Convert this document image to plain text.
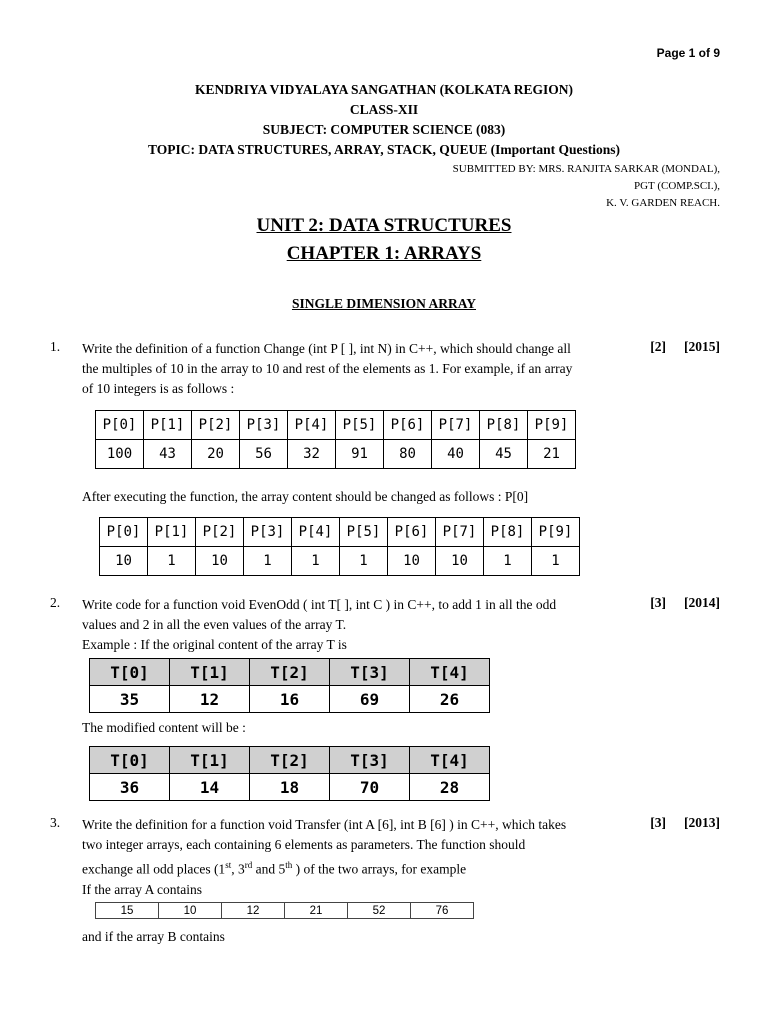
Page 1 of 9
KENDRIYA VIDYALAYA SANGATHAN (KOLKATA REGION)
CLASS-XII
SUBJECT: COMPUTER SCIENCE (083)
TOPIC: DATA STRUCTURES, ARRAY, STACK, QUEUE (Important Questions)
SUBMITTED BY: MRS. RANJITA SARKAR (MONDAL),
PGT (COMP.SCI.),
K. V. GARDEN REACH.
UNIT 2: DATA STRUCTURES
CHAPTER 1: ARRAYS
SINGLE DIMENSION ARRAY
1. Write the definition of a function Change (int P [ ], int N) in C++, which should change all
the multiples of 10 in the array to 10 and rest of the elements as 1. For example, if an array
of 10 integers is as follows :
[2] [2015]
P[0]	P[1]	P[2]	P[3]	P[4]	P[5]	P[6]	P[7]	P[8]	P[9]
100	43	20	56	32	91	80	40	45	21
After executing the function, the array content should be changed as follows : P[0]
P[0]	P[1]	P[2]	P[3]	P[4]	P[5]	P[6]	P[7]	P[8]	P[9]
10	1	10	1	1	1	10	10	1	1
2. Write code for a function void EvenOdd ( int T[ ], int C ) in C++, to add 1 in all the odd
values and 2 in all the even values of the array T.
Example : If the original content of the array T is
[3] [2014]
T[0]	T[1]	T[2]	T[3]	T[4]
35	12	16	69	26
The modified content will be :
T[0]	T[1]	T[2]	T[3]	T[4]
36	14	18	70	28
3. Write the definition for a function void Transfer (int A [6], int B [6] ) in C++, which takes
two integer arrays, each containing 6 elements as parameters. The function should
exchange all odd places (1st, 3rd and 5th ) of the two arrays, for example
If the array A contains
[3] [2013]
15	10	12	21	52	76
and if the array B contains
